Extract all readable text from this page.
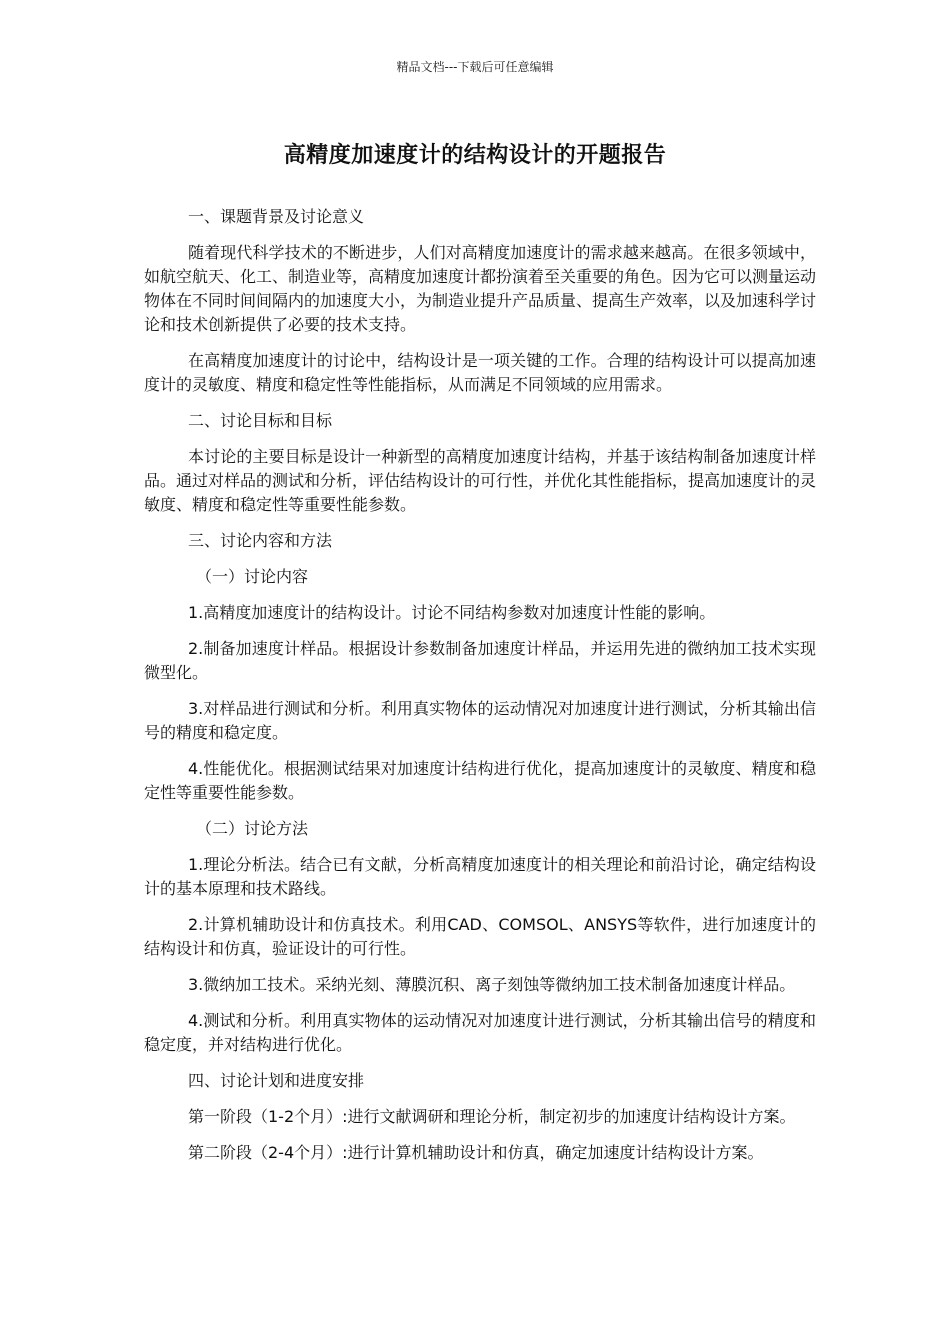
精品文档---下载后可任意编辑
高精度加速度计的结构设计的开题报告

一、课题背景及讨论意义

随着现代科学技术的不断进步，人们对高精度加速度计的需求越来越高。在很多领域中，如航空航天、化工、制造业等，高精度加速度计都扮演着至关重要的角色。因为它可以测量运动物体在不同时间间隔内的加速度大小，为制造业提升产品质量、提高生产效率，以及加速科学讨论和技术创新提供了必要的技术支持。

在高精度加速度计的讨论中，结构设计是一项关键的工作。合理的结构设计可以提高加速度计的灵敏度、精度和稳定性等性能指标，从而满足不同领域的应用需求。

二、讨论目标和目标

本讨论的主要目标是设计一种新型的高精度加速度计结构，并基于该结构制备加速度计样品。通过对样品的测试和分析，评估结构设计的可行性，并优化其性能指标，提高加速度计的灵敏度、精度和稳定性等重要性能参数。

三、讨论内容和方法

（一）讨论内容

1.高精度加速度计的结构设计。讨论不同结构参数对加速度计性能的影响。

2.制备加速度计样品。根据设计参数制备加速度计样品，并运用先进的微纳加工技术实现微型化。

3.对样品进行测试和分析。利用真实物体的运动情况对加速度计进行测试，分析其输出信号的精度和稳定度。

4.性能优化。根据测试结果对加速度计结构进行优化，提高加速度计的灵敏度、精度和稳定性等重要性能参数。

（二）讨论方法

1.理论分析法。结合已有文献，分析高精度加速度计的相关理论和前沿讨论，确定结构设计的基本原理和技术路线。

2.计算机辅助设计和仿真技术。利用CAD、COMSOL、ANSYS等软件，进行加速度计的结构设计和仿真，验证设计的可行性。

3.微纳加工技术。采纳光刻、薄膜沉积、离子刻蚀等微纳加工技术制备加速度计样品。

4.测试和分析。利用真实物体的运动情况对加速度计进行测试，分析其输出信号的精度和稳定度，并对结构进行优化。

四、讨论计划和进度安排

第一阶段（1-2个月）:进行文献调研和理论分析，制定初步的加速度计结构设计方案。

第二阶段（2-4个月）:进行计算机辅助设计和仿真，确定加速度计结构设计方案。
